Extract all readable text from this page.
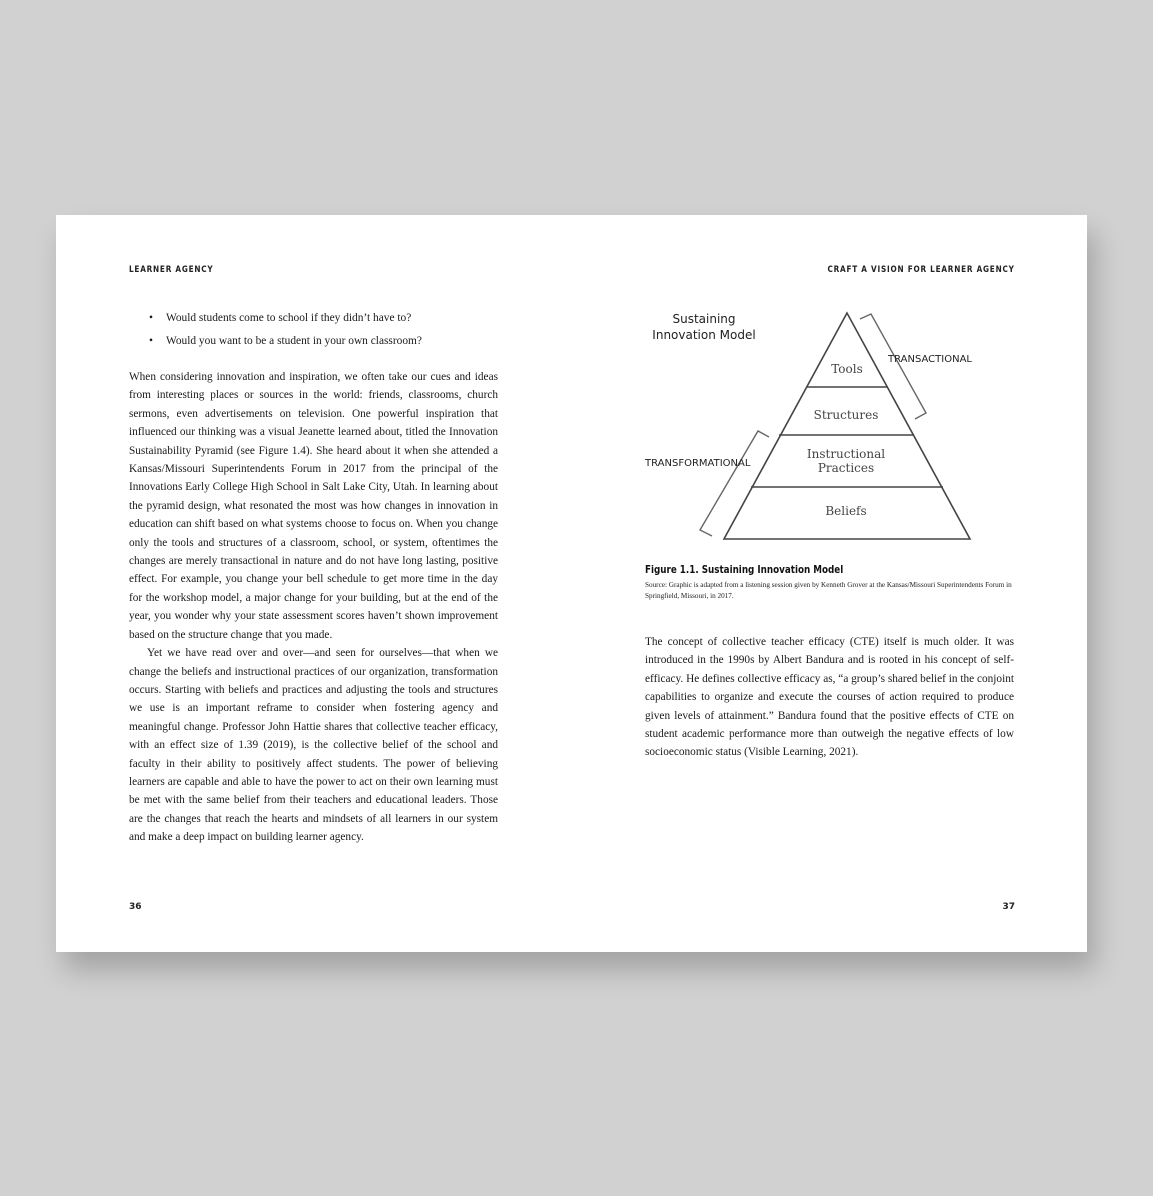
LEARNER AGENCY
• Would students come to school if they didn’t have to?
• Would you want to be a student in your own classroom?

When considering innovation and inspiration, we often take our cues and ideas from interesting places or sources in the world: friends, classrooms, church sermons, even advertisements on television. One powerful inspiration that influenced our thinking was a visual Jeanette learned about, titled the Innovation Sustainability Pyramid (see Figure 1.4). She heard about it when she attended a Kansas/Missouri Superintendents Forum in 2017 from the principal of the Innovations Early College High School in Salt Lake City, Utah. In learning about the pyramid design, what resonated the most was how changes in innovation in education can shift based on what systems choose to focus on. When you change only the tools and structures of a classroom, school, or system, oftentimes the changes are merely transactional in nature and do not have long lasting, positive effect. For example, you change your bell schedule to get more time in the day for the workshop model, a major change for your building, but at the end of the year, you wonder why your state assessment scores haven’t shown improvement based on the structure change that you made.

Yet we have read over and over—and seen for ourselves—that when we change the beliefs and instructional practices of our organization, transformation occurs. Starting with beliefs and practices and adjusting the tools and structures we use is an important reframe to consider when fostering agency and meaningful change. Professor John Hattie shares that collective teacher efficacy, with an effect size of 1.39 (2019), is the collective belief of the school and faculty in their ability to positively affect students. The power of believing learners are capable and able to have the power to act on their own learning must be met with the same belief from their teachers and educational leaders. Those are the changes that reach the hearts and mindsets of all learners in our system and make a deep impact on building learner agency.

36
CRAFT A VISION FOR LEARNER AGENCY
Sustaining
Innovation Model
Tools
Structures
Instructional
Practices
Beliefs
TRANSACTIONAL
TRANSFORMATIONAL
Figure 1.1. Sustaining Innovation Model
Source: Graphic is adapted from a listening session given by Kenneth Grover at the Kansas/Missouri Superintendents Forum in Springfield, Missouri, in 2017.

The concept of collective teacher efficacy (CTE) itself is much older. It was introduced in the 1990s by Albert Bandura and is rooted in his concept of self-efficacy. He defines collective efficacy as, “a group’s shared belief in the conjoint capabilities to organize and execute the courses of action required to produce given levels of attainment.” Bandura found that the positive effects of CTE on student academic performance more than outweigh the negative effects of low socioeconomic status (Visible Learning, 2021).

37
